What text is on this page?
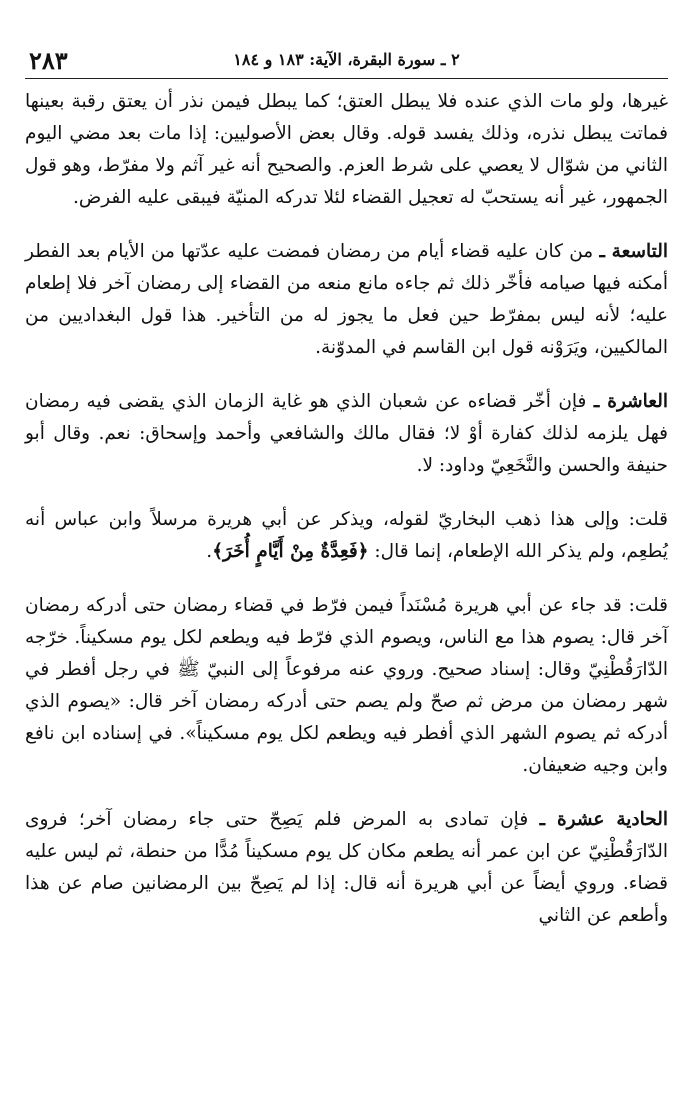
٢٨٣	٢ ـ سورة البقرة، الآية: ١٨٣ و ١٨٤

غيرها، ولو مات الذي عنده فلا يبطل العتق؛ كما يبطل فيمن نذر أن يعتق رقبة بعينها فماتت يبطل نذره، وذلك يفسد قوله. وقال بعض الأصوليين: إذا مات بعد مضي اليوم الثاني من شوّال لا يعصي على شرط العزم. والصحيح أنه غير آثم ولا مفرّط، وهو قول الجمهور، غير أنه يستحبّ له تعجيل القضاء لئلا تدركه المنيّة فيبقى عليه الفرض.

التاسعة ـ من كان عليه قضاء أيام من رمضان فمضت عليه عدّتها من الأيام بعد الفطر أمكنه فيها صيامه فأخّر ذلك ثم جاءه مانع منعه من القضاء إلى رمضان آخر فلا إطعام عليه؛ لأنه ليس بمفرّط حين فعل ما يجوز له من التأخير. هذا قول البغداديين من المالكيين، ويَرَوْنه قول ابن القاسم في المدوّنة.

العاشرة ـ فإن أخّر قضاءه عن شعبان الذي هو غاية الزمان الذي يقضى فيه رمضان فهل يلزمه لذلك كفارة أوْ لا؛ فقال مالك والشافعي وأحمد وإسحاق: نعم. وقال أبو حنيفة والحسن والنَّخَعِيّ وداود: لا.

قلت: وإلى هذا ذهب البخاريّ لقوله، ويذكر عن أبي هريرة مرسلاً وابن عباس أنه يُطعِم، ولم يذكر الله الإطعام، إنما قال: ﴿فَعِدَّةٌ مِنْ أَيَّامٍ أُخَرَ﴾.

قلت: قد جاء عن أبي هريرة مُسْنَداً فيمن فرّط في قضاء رمضان حتى أدركه رمضان آخر قال: يصوم هذا مع الناس، ويصوم الذي فرّط فيه ويطعم لكل يوم مسكيناً. خرّجه الدّارَقُطْنِيّ وقال: إسناد صحيح. وروي عنه مرفوعاً إلى النبيّ ﷺ في رجل أفطر في شهر رمضان من مرض ثم صحّ ولم يصم حتى أدركه رمضان آخر قال: «يصوم الذي أدركه ثم يصوم الشهر الذي أفطر فيه ويطعم لكل يوم مسكيناً». في إسناده ابن نافع وابن وجيه ضعيفان.

الحادية عشرة ـ فإن تمادى به المرض فلم يَصِحّ حتى جاء رمضان آخر؛ فروى الدّارَقُطْنِيّ عن ابن عمر أنه يطعم مكان كل يوم مسكيناً مُدًّا من حنطة، ثم ليس عليه قضاء. وروي أيضاً عن أبي هريرة أنه قال: إذا لم يَصِحّ بين الرمضانين صام عن هذا وأطعم عن الثاني
